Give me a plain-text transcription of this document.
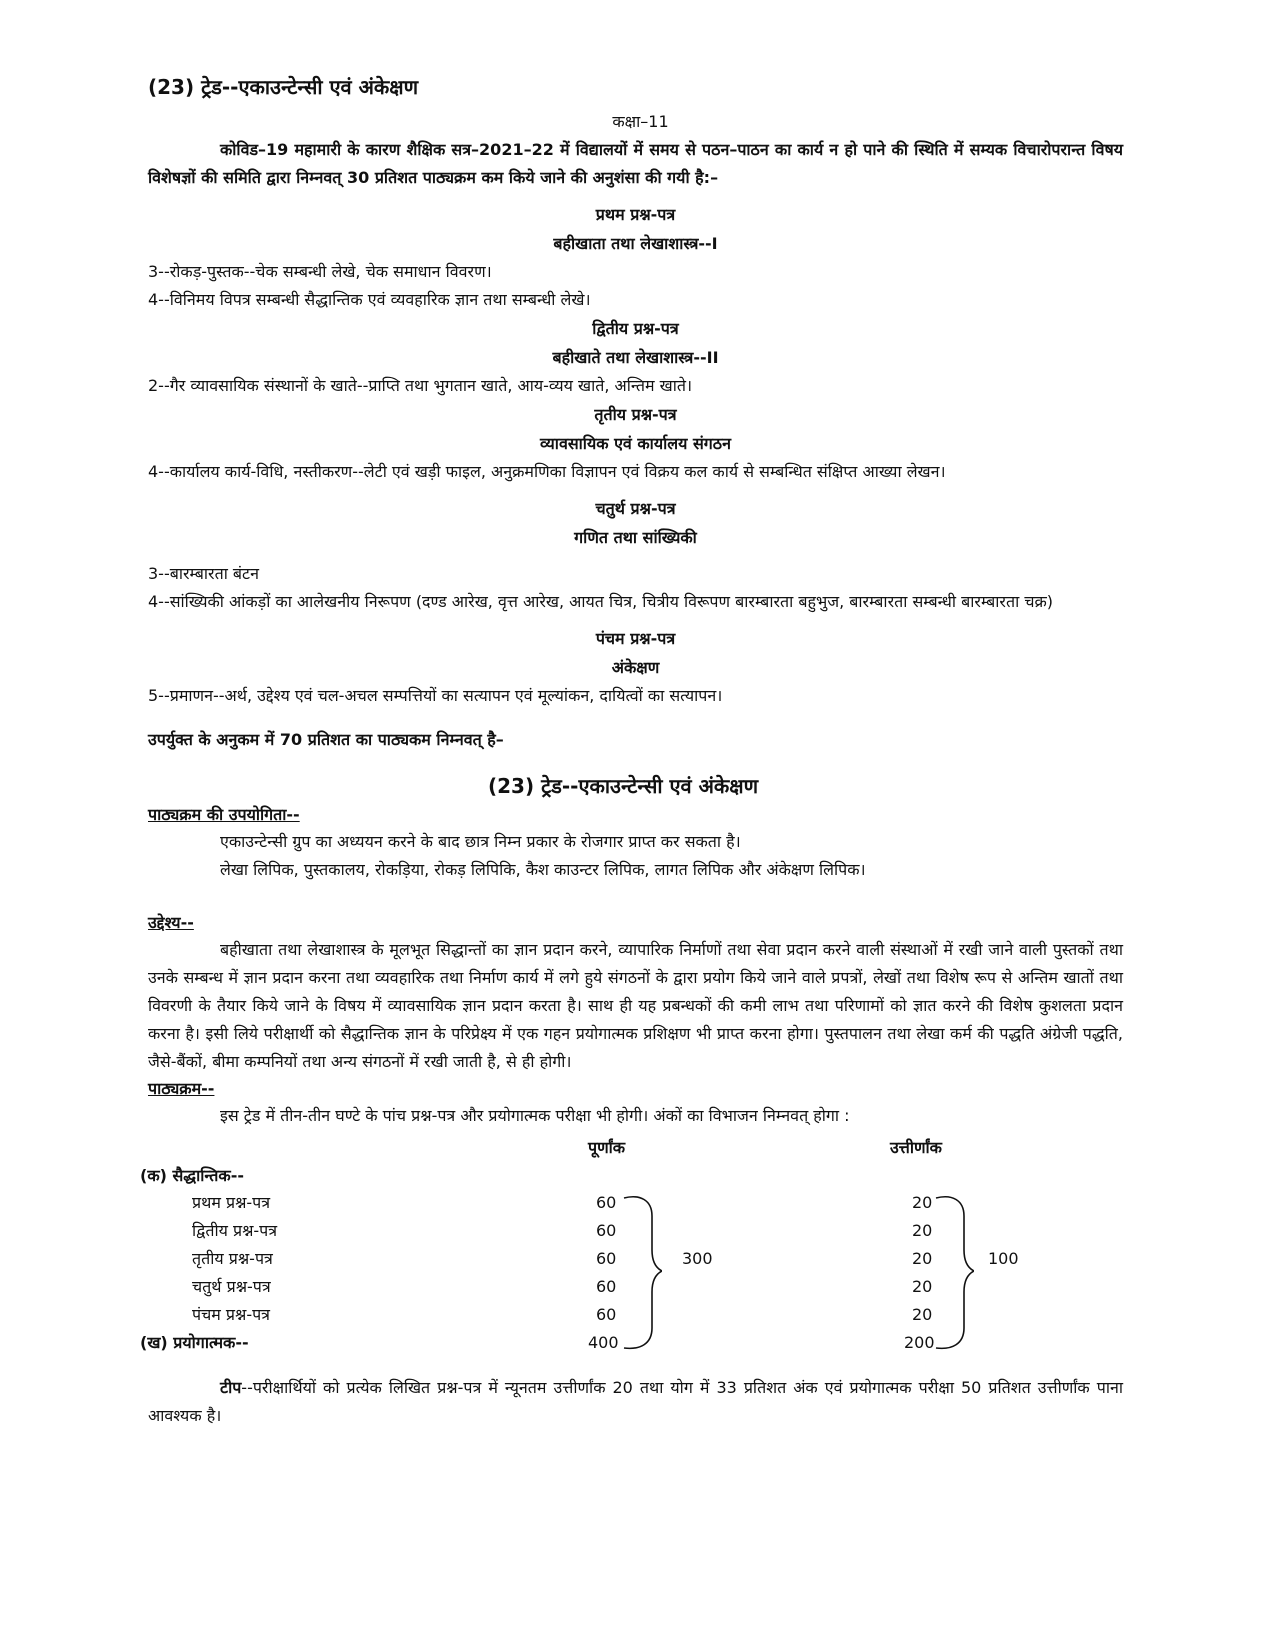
(23) ट्रेड--एकाउन्टेन्सी एवं अंकेक्षण

कक्षा–11

कोविड–19 महामारी के कारण शैक्षिक सत्र–2021–22 में विद्यालयों में समय से पठन–पाठन का कार्य न हो पाने की स्थिति में सम्यक विचारोपरान्त विषय विशेषज्ञों की समिति द्वारा निम्नवत् 30 प्रतिशत पाठ्यक्रम कम किये जाने की अनुशंसा की गयी है:–

प्रथम प्रश्न-पत्र

बहीखाता तथा लेखाशास्त्र--I

3--रोकड़-पुस्तक--चेक सम्बन्धी लेखे, चेक समाधान विवरण।

4--विनिमय विपत्र सम्बन्धी सैद्धान्तिक एवं व्यवहारिक ज्ञान तथा सम्बन्धी लेखे।

द्वितीय प्रश्न-पत्र

बहीखाते तथा लेखाशास्त्र--II

2--गैर व्यावसायिक संस्थानों के खाते--प्राप्ति तथा भुगतान खाते, आय-व्यय खाते, अन्तिम खाते।

तृतीय प्रश्न-पत्र

व्यावसायिक एवं कार्यालय संगठन

4--कार्यालय कार्य-विधि, नस्तीकरण--लेटी एवं खड़ी फाइल, अनुक्रमणिका विज्ञापन एवं विक्रय कल कार्य से सम्बन्धित संक्षिप्त आख्या लेखन।

चतुर्थ प्रश्न-पत्र

गणित तथा सांख्यिकी

3--बारम्बारता बंटन

4--सांख्यिकी आंकड़ों का आलेखनीय निरूपण (दण्ड आरेख, वृत्त आरेख, आयत चित्र, चित्रीय विरूपण बारम्बारता बहुभुज, बारम्बारता सम्बन्धी बारम्बारता चक्र)

पंचम प्रश्न-पत्र

अंकेक्षण

5--प्रमाणन--अर्थ, उद्देश्य एवं चल-अचल सम्पत्तियों का सत्यापन एवं मूल्यांकन, दायित्वों का सत्यापन।

उपर्युक्त के अनुकम में 70 प्रतिशत का पाठ्यकम निम्नवत् है–

(23) ट्रेड--एकाउन्टेन्सी एवं अंकेक्षण

पाठ्यक्रम की उपयोगिता--

एकाउन्टेन्सी ग्रुप का अध्ययन करने के बाद छात्र निम्न प्रकार के रोजगार प्राप्त कर सकता है।

लेखा लिपिक, पुस्तकालय, रोकड़िया, रोकड़ लिपिकि, कैश काउन्टर लिपिक, लागत लिपिक और अंकेक्षण लिपिक।

उद्देश्य--

बहीखाता तथा लेखाशास्त्र के मूलभूत सिद्धान्तों का ज्ञान प्रदान करने, व्यापारिक निर्माणों तथा सेवा प्रदान करने वाली संस्थाओं में रखी जाने वाली पुस्तकों तथा उनके सम्बन्ध में ज्ञान प्रदान करना तथा व्यवहारिक तथा निर्माण कार्य में लगे हुये संगठनों के द्वारा प्रयोग किये जाने वाले प्रपत्रों, लेखों तथा विशेष रूप से अन्तिम खातों तथा विवरणी के तैयार किये जाने के विषय में व्यावसायिक ज्ञान प्रदान करता है। साथ ही यह प्रबन्धकों की कमी लाभ तथा परिणामों को ज्ञात करने की विशेष कुशलता प्रदान करना है। इसी लिये परीक्षार्थी को सैद्धान्तिक ज्ञान के परिप्रेक्ष्य में एक गहन प्रयोगात्मक प्रशिक्षण भी प्राप्त करना होगा। पुस्तपालन तथा लेखा कर्म की पद्धति अंग्रेजी पद्धति, जैसे-बैंकों, बीमा कम्पनियों तथा अन्य संगठनों में रखी जाती है, से ही होगी।

पाठ्यक्रम--

इस ट्रेड में तीन-तीन घण्टे के पांच प्रश्न-पत्र और प्रयोगात्मक परीक्षा भी होगी। अंकों का विभाजन निम्नवत् होगा :

पूर्णांक	उत्तीर्णांक
(क) सैद्धान्तिक--
प्रथम प्रश्न-पत्र	60	20
द्वितीय प्रश्न-पत्र	60	20
तृतीय प्रश्न-पत्र	60	20
चतुर्थ प्रश्न-पत्र	60	20
पंचम प्रश्न-पत्र	60	20
(ख) प्रयोगात्मक--	400	200
300	100

टीप--परीक्षार्थियों को प्रत्येक लिखित प्रश्न-पत्र में न्यूनतम उत्तीर्णांक 20 तथा योग में 33 प्रतिशत अंक एवं प्रयोगात्मक परीक्षा 50 प्रतिशत उत्तीर्णांक पाना आवश्यक है।
